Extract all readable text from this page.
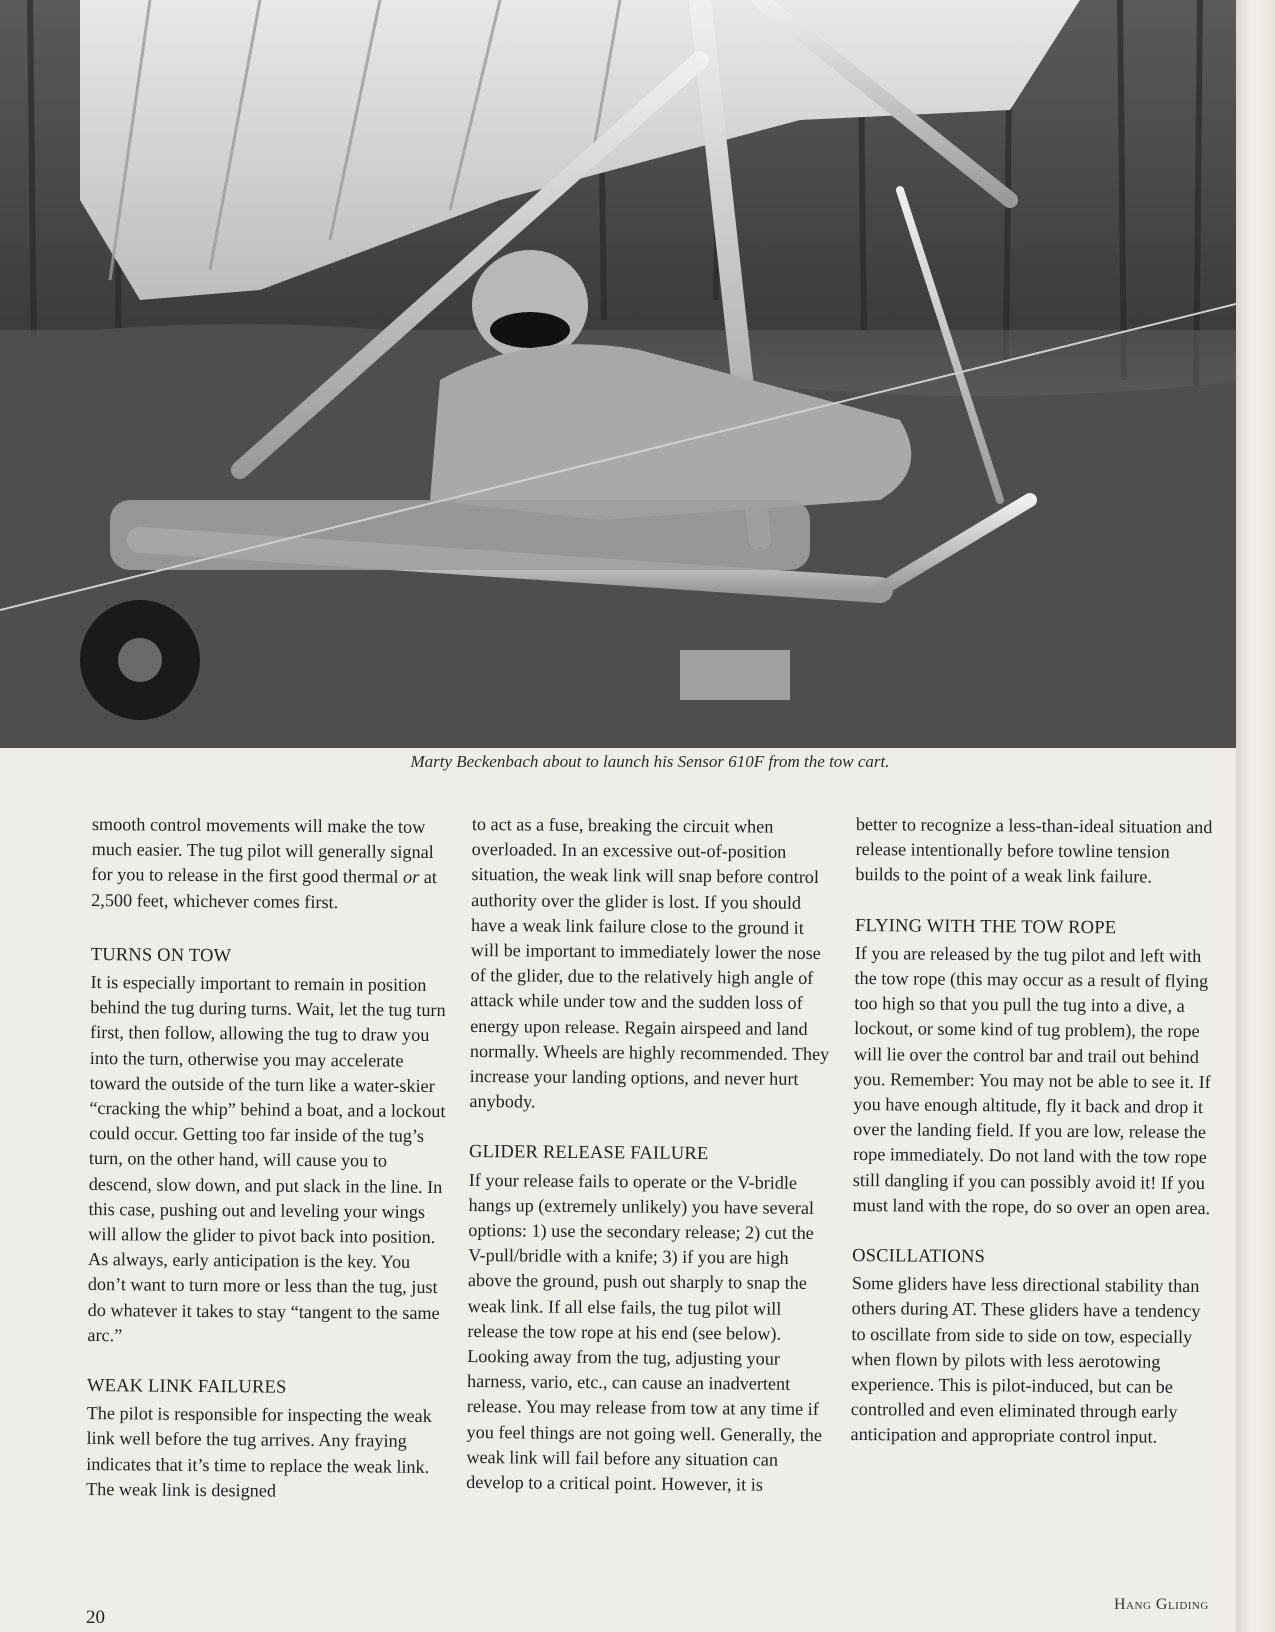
Marty Beckenbach about to launch his Sensor 610F from the tow cart.

smooth control movements will make the tow much easier. The tug pilot will generally signal for you to release in the first good thermal or at 2,500 feet, whichever comes first.

TURNS ON TOW

It is especially important to remain in position behind the tug during turns. Wait, let the tug turn first, then follow, allowing the tug to draw you into the turn, otherwise you may accelerate toward the outside of the turn like a water-skier “cracking the whip” behind a boat, and a lockout could occur. Getting too far inside of the tug’s turn, on the other hand, will cause you to descend, slow down, and put slack in the line. In this case, pushing out and leveling your wings will allow the glider to pivot back into position. As always, early anticipation is the key. You don’t want to turn more or less than the tug, just do whatever it takes to stay “tangent to the same arc.”

WEAK LINK FAILURES

The pilot is responsible for inspecting the weak link well before the tug arrives. Any fraying indicates that it’s time to replace the weak link. The weak link is designed

to act as a fuse, breaking the circuit when overloaded. In an excessive out-of-position situation, the weak link will snap before control authority over the glider is lost. If you should have a weak link failure close to the ground it will be important to immediately lower the nose of the glider, due to the relatively high angle of attack while under tow and the sudden loss of energy upon release. Regain airspeed and land normally. Wheels are highly recommended. They increase your landing options, and never hurt anybody.

GLIDER RELEASE FAILURE

If your release fails to operate or the V-bridle hangs up (extremely unlikely) you have several options: 1) use the secondary release; 2) cut the V-pull/bridle with a knife; 3) if you are high above the ground, push out sharply to snap the weak link. If all else fails, the tug pilot will release the tow rope at his end (see below). Looking away from the tug, adjusting your harness, vario, etc., can cause an inadvertent release. You may release from tow at any time if you feel things are not going well. Generally, the weak link will fail before any situation can develop to a critical point. However, it is

better to recognize a less-than-ideal situation and release intentionally before towline tension builds to the point of a weak link failure.

FLYING WITH THE TOW ROPE

If you are released by the tug pilot and left with the tow rope (this may occur as a result of flying too high so that you pull the tug into a dive, a lockout, or some kind of tug problem), the rope will lie over the control bar and trail out behind you. Remember: You may not be able to see it. If you have enough altitude, fly it back and drop it over the landing field. If you are low, release the rope immediately. Do not land with the tow rope still dangling if you can possibly avoid it! If you must land with the rope, do so over an open area.

OSCILLATIONS

Some gliders have less directional stability than others during AT. These gliders have a tendency to oscillate from side to side on tow, especially when flown by pilots with less aerotowing experience. This is pilot-induced, but can be controlled and even eliminated through early anticipation and appropriate control input.

20
Hang Gliding
